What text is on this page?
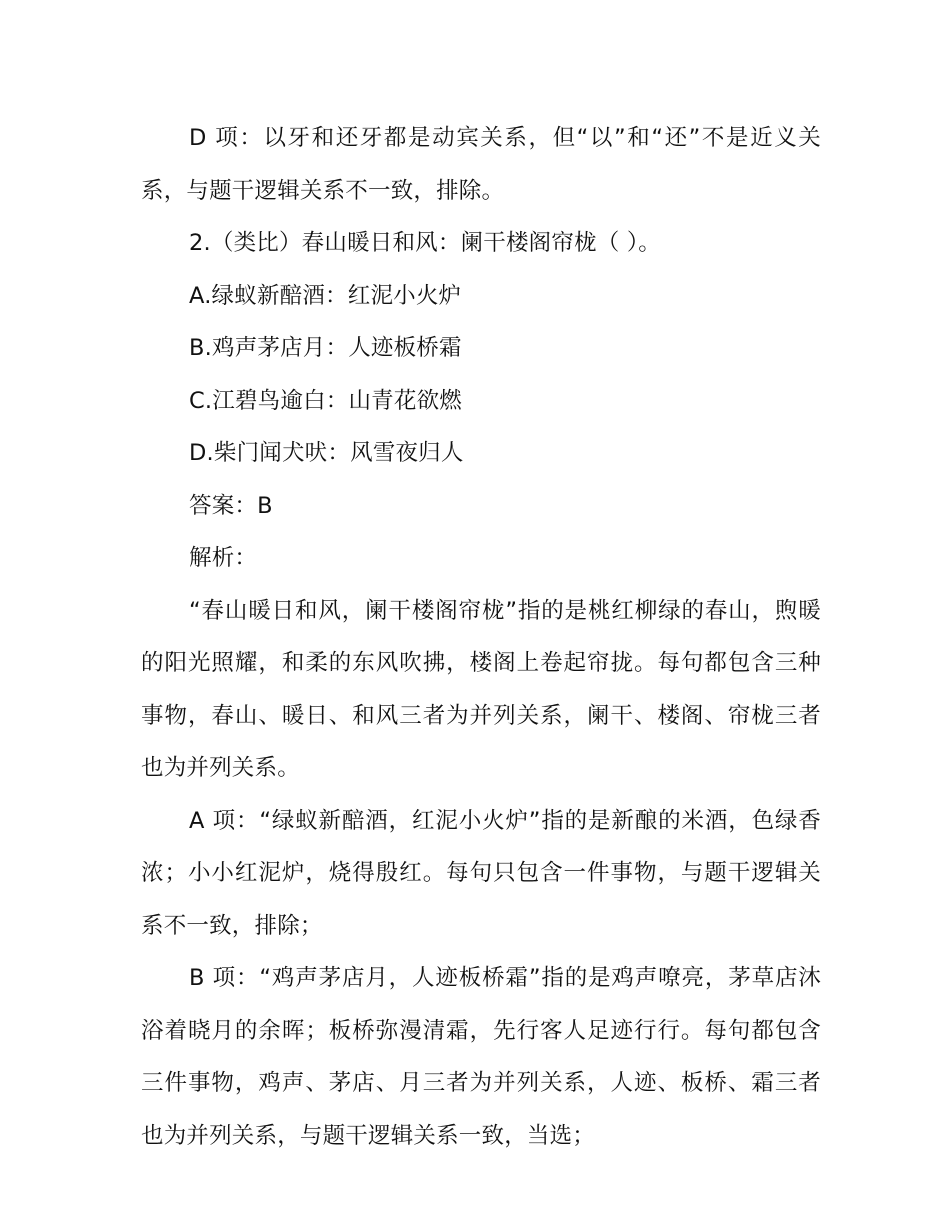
D 项：以牙和还牙都是动宾关系，但“以”和“还”不是近义关系，与题干逻辑关系不一致，排除。

2.（类比）春山暖日和风：阑干楼阁帘栊（ ）。

A.绿蚁新醅酒：红泥小火炉

B.鸡声茅店月：人迹板桥霜

C.江碧鸟逾白：山青花欲燃

D.柴门闻犬吠：风雪夜归人

答案：B

解析：

“春山暖日和风，阑干楼阁帘栊”指的是桃红柳绿的春山，煦暖的阳光照耀，和柔的东风吹拂，楼阁上卷起帘拢。每句都包含三种事物，春山、暖日、和风三者为并列关系，阑干、楼阁、帘栊三者也为并列关系。

A 项：“绿蚁新醅酒，红泥小火炉”指的是新酿的米酒，色绿香浓；小小红泥炉，烧得殷红。每句只包含一件事物，与题干逻辑关系不一致，排除；

B 项：“鸡声茅店月，人迹板桥霜”指的是鸡声嘹亮，茅草店沐浴着晓月的余晖；板桥弥漫清霜，先行客人足迹行行。每句都包含三件事物，鸡声、茅店、月三者为并列关系，人迹、板桥、霜三者也为并列关系，与题干逻辑关系一致，当选；
